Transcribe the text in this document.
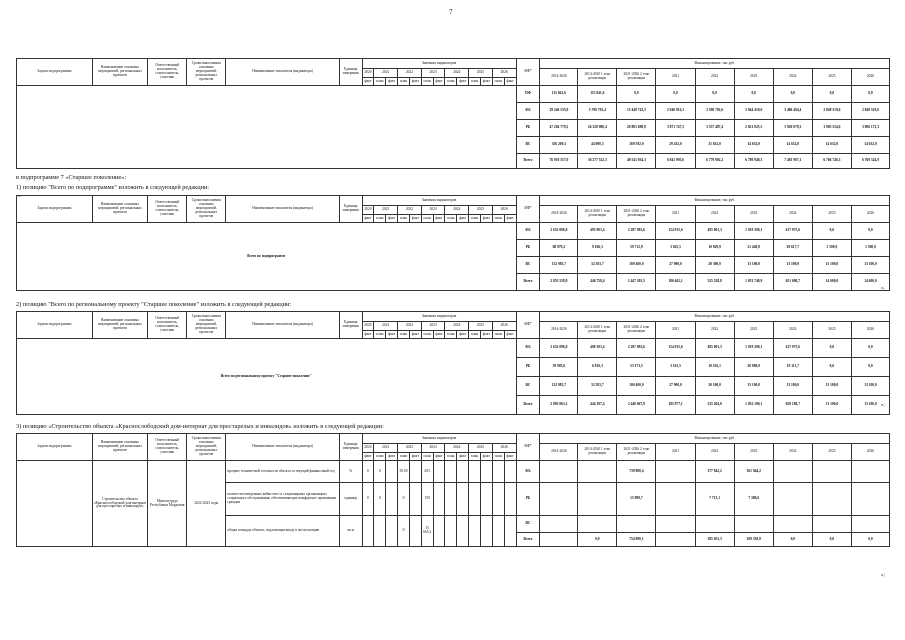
7
Задачи подпрограммы	Наименование основных мероприятий, региональных проектов	Ответственный исполнитель, соисполнитель, участник	Сроки выполнения основных мероприятий, региональных проектов	Наименование показателя (индикатора)	Единица измерения	Значения индикаторов													ИФ*	Финансирование, тыс.руб.								
						2020	2021		2022		2023		2024		2025		2026			2014-2026	2014-2020 1 этап реализации	2021-2026 2 этап реализации	2021	2022	2023	2024	2025	2026
						факт	план	факт	план	факт	план	факт	план	факт	план	факт	план	факт										
																			ПФ	115 041,6	115 041,6	0,0	0,0	0,0	0,0	0,0	0,0	0,0
																			ФБ	29 246 535,9	5 790 792,4	15 449 743,5	2 940 816,1	3 390 702,6	3 944 410,0	3 486 494,4	2 848 519,6	2 848 519,6
																			РБ	47 204 779,2	26 328 080,4	20 881 698,8	3 871 747,5	3 357 487,4	2 821 825,5	3 920 078,3	3 905 554,6	3 906 172,3
																			ВС	356 200,3	44 008,3	169 592,0	29 432,0	31 632,0	14 632,0	14 632,0	14 632,0	14 632,0
																			Всего	76 918 557,0	36 277 522,3	40 541 034,3	6 841 995,6	6 779 902,2	6 780 940,3	7 401 997,1	6 766 746,3	6 769 324,9
Задачи подпрограммы	Наименование основных мероприятий, региональных проектов	Ответственный исполнитель, соисполнитель, участник	Сроки выполнения основных мероприятий, региональных проектов	Наименование показателя (индикатора)	Единица измерения	Значения индикаторов													ИФ*	Финансирование, тыс.руб.								
						2020	2021		2022		2023		2024		2025		2026			2014-2026	2014-2020 1 этап реализации	2021-2026 2 этап реализации	2021	2022	2023	2024	2025	2026
						факт	план	факт	план	факт	план	факт	план	факт	план	факт	план	факт										
Всего по подпрограмме																			ФБ	2 652 096,0	495 903,4	2 287 092,6	154 915,6	495 001,3	1 019 200,1	617 975,6	0,0	0,0
																			РБ	68 979,2	9 166,3	59 712,9	3 025,5	10 829,9	21 440,8	29 617,7	1 500,0	1 500,0
																			ВС	132 983,7	32 583,7	100 400,0	27 900,0	20 300,0	13 100,0	13 100,0	13 100,0	13 100,0
																			Всего	2 853 558,9	446 758,4	2 447 205,5	186 641,1	525 528,8	1 053 740,9	651 686,7	14 600,0	14 600,0
Задачи подпрограммы	Наименование основных мероприятий, региональных проектов	Ответственный исполнитель, соисполнитель, участник	Сроки выполнения основных мероприятий, региональных проектов	Наименование показателя (индикатора)	Единица измерения	Значения индикаторов													ИФ*	Финансирование, тыс.руб.								
						2020	2021		2022		2023		2024		2025		2026			2014-2026	2014-2020 1 этап реализации	2021-2026 2 этап реализации	2021	2022	2023	2024	2025	2026
						факт	план	факт	план	факт	план	факт	план	факт	план	факт	план	факт										
Всего по региональному проекту "Старшее поколение"																			ФБ	2 652 096,0	408 303,4	2 287 092,6	154 915,6	495 001,3	1 019 200,1	617 975,6	0,0	0,0
																			РБ	59 983,6	6 810,3	53 173,3	3 161,5	10 102,1	20 800,0	19 111,7	0,0	0,0
																			ВС	132 983,7	32 583,7	100 400,0	27 900,0	20 100,0	13 100,0	13 100,0	13 100,0	13 100,0
																			Всего	2 805 063,3	444 397,4	2 440 667,9	185 977,1	525 204,0	1 052 100,1	650 186,7	13 100,0	13 100,0
Задачи подпрограммы	Наименование основных мероприятий, региональных проектов	Ответственный исполнитель, соисполнитель, участник	Сроки выполнения основных мероприятий, региональных проектов	Наименование показателя (индикатора)	Единица измерения	Значения индикаторов													ИФ*	Финансирование, тыс.руб.								
						2020	2021		2022		2023		2024		2025		2026			2014-2026	2014-2020 1 этап реализации	2021-2026 2 этап реализации	2021	2022	2023	2024	2025	2026
						факт	план	факт	план	факт	план	факт	план	факт	план	факт	план	факт										
	Строительство объекта «Краснослободский дом-интернат для престарелых и инвалидов»	Минсоцтруда Республики Мордовия	2022-2023 годы	процент технической готовности объекта за текущий финансовый год	%	0	0		50,00		49,5								ФБ			739 880,4		377 942,2	361 944,2			
				количество введенных койко-мест в стационарных организациях социального обслуживания, обеспечивающих комфортное проживание граждан	единица	0	0		0		150								РБ			15 099,7		7 713,1	7 386,6			
				общая площадь объекта, подлежащая вводу в эксплуатацию	кв.м				0		15 665,2								ВС									
																			Всего		0,0	754 980,1		385 655,3	369 330,8	0,0	0,0	0,0
в подпрограмме 7 «Старшее поколение»:
1) позицию "Всего по подпрограмме" изложить в следующей редакции:
2) позицию "Всего по региональному проекту "Старшее поколение" изложить в следующей редакции:
3) позицию «Строительство объекта «Краснослободский дом-интернат для престарелых и инвалидов» изложить в следующей редакции:
«
»;
»;
»;
